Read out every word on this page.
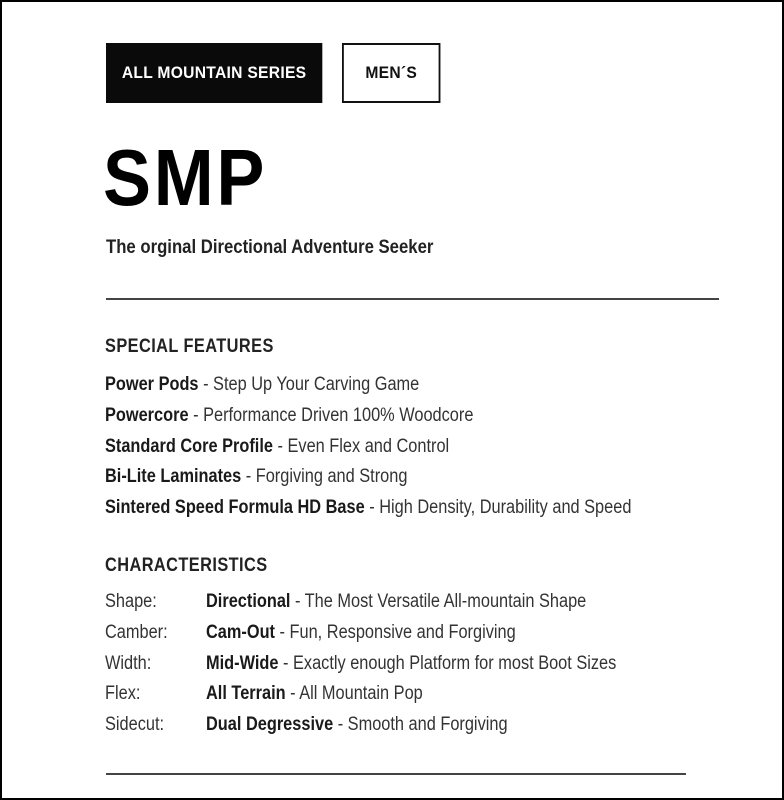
ALL MOUNTAIN SERIES	MEN´S
SMP
The orginal Directional Adventure Seeker
SPECIAL FEATURES
Power Pods - Step Up Your Carving Game
Powercore - Performance Driven 100% Woodcore
Standard Core Profile - Even Flex and Control
Bi-Lite Laminates - Forgiving and Strong
Sintered Speed Formula HD Base - High Density, Durability and Speed
CHARACTERISTICS
Shape:	Directional - The Most Versatile All-mountain Shape
Camber: Cam-Out - Fun, Responsive and Forgiving
Width:	Mid-Wide - Exactly enough Platform for most Boot Sizes
Flex:	All Terrain - All Mountain Pop
Sidecut: Dual Degressive - Smooth and Forgiving
